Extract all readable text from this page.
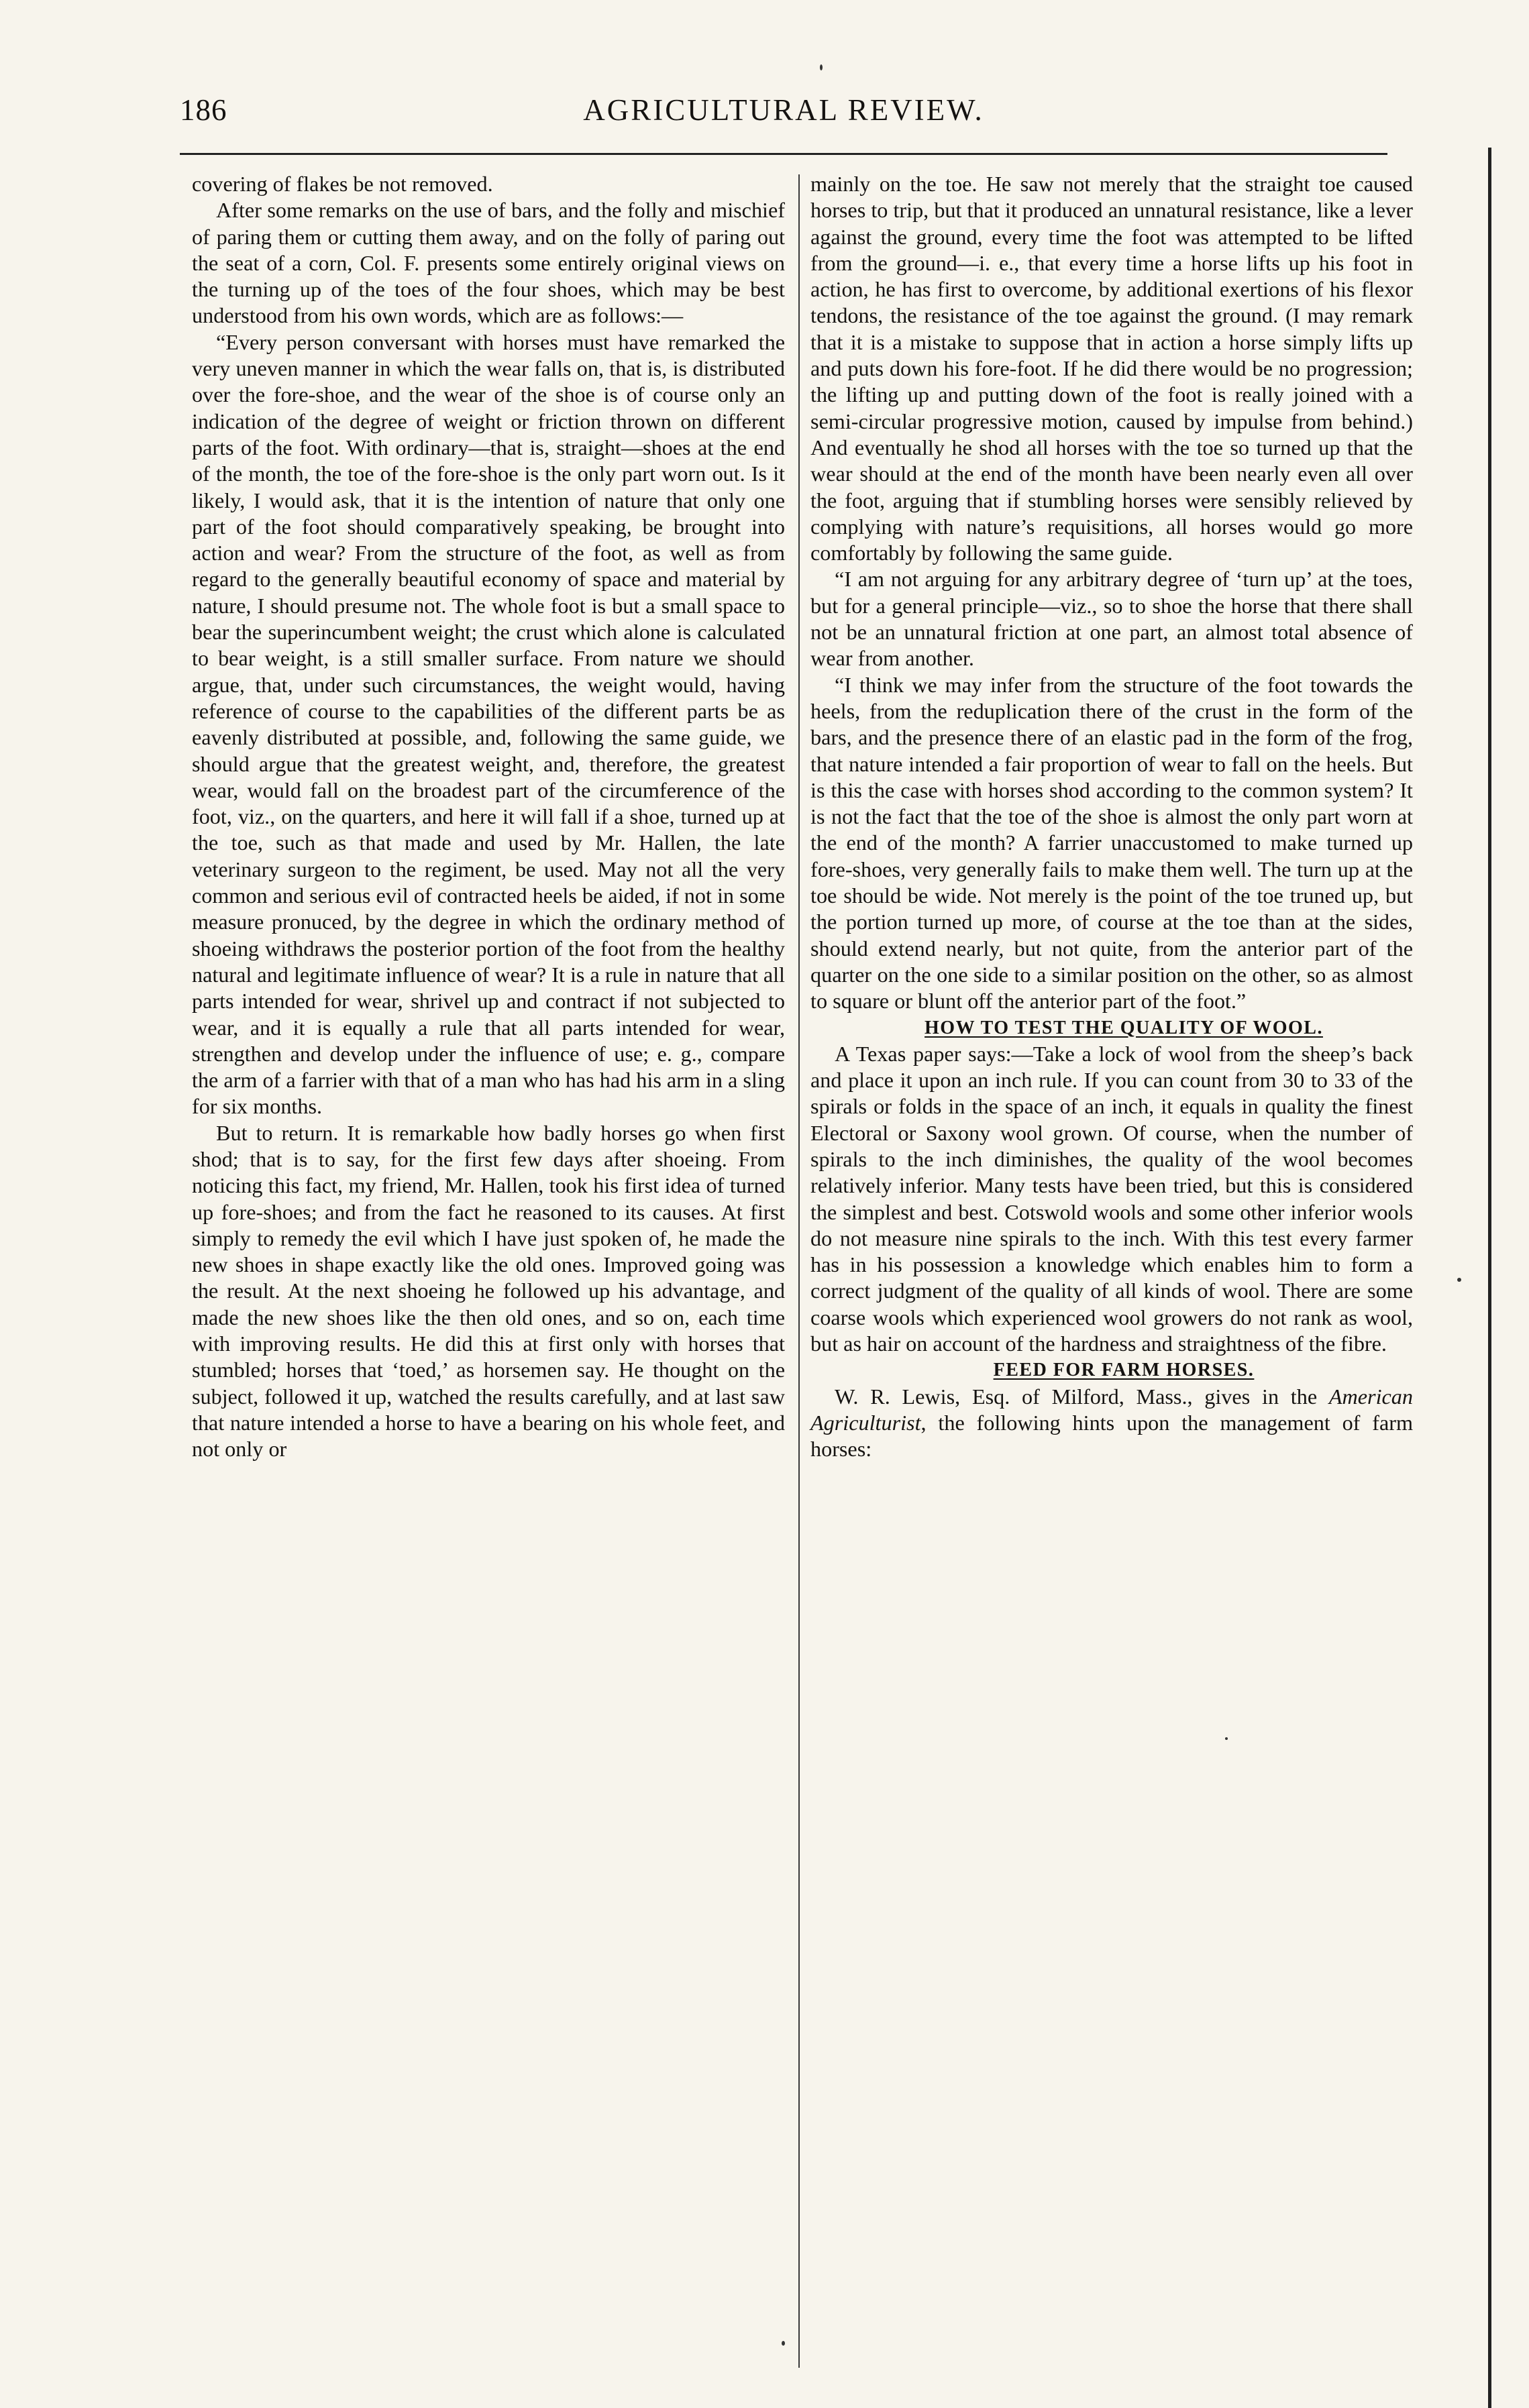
186	AGRICULTURAL REVIEW.

covering of flakes be not removed.

After some remarks on the use of bars, and the folly and mischief of paring them or cutting them away, and on the folly of paring out the seat of a corn, Col. F. presents some entirely original views on the turning up of the toes of the four shoes, which may be best understood from his own words, which are as follows:—

“Every person conversant with horses must have remarked the very uneven manner in which the wear falls on, that is, is distributed over the fore-shoe, and the wear of the shoe is of course only an indication of the degree of weight or friction thrown on different parts of the foot. With ordinary—that is, straight—shoes at the end of the month, the toe of the fore-shoe is the only part worn out. Is it likely, I would ask, that it is the intention of nature that only one part of the foot should comparatively speaking, be brought into action and wear? From the structure of the foot, as well as from regard to the generally beautiful economy of space and material by nature, I should presume not. The whole foot is but a small space to bear the superincumbent weight; the crust which alone is calculated to bear weight, is a still smaller surface. From nature we should argue, that, under such circumstances, the weight would, having reference of course to the capabilities of the different parts be as eavenly distributed at possible, and, following the same guide, we should argue that the greatest weight, and, therefore, the greatest wear, would fall on the broadest part of the circumference of the foot, viz., on the quarters, and here it will fall if a shoe, turned up at the toe, such as that made and used by Mr. Hallen, the late veterinary surgeon to the regiment, be used. May not all the very common and serious evil of contracted heels be aided, if not in some measure pronuced, by the degree in which the ordinary method of shoeing withdraws the posterior portion of the foot from the healthy natural and legitimate influence of wear? It is a rule in nature that all parts intended for wear, shrivel up and contract if not subjected to wear, and it is equally a rule that all parts intended for wear, strengthen and develop under the influence of use; e. g., compare the arm of a farrier with that of a man who has had his arm in a sling for six months.

But to return. It is remarkable how badly horses go when first shod; that is to say, for the first few days after shoeing. From noticing this fact, my friend, Mr. Hallen, took his first idea of turned up fore-shoes; and from the fact he reasoned to its causes. At first simply to remedy the evil which I have just spoken of, he made the new shoes in shape exactly like the old ones. Improved going was the result. At the next shoeing he followed up his advantage, and made the new shoes like the then old ones, and so on, each time with improving results. He did this at first only with horses that stumbled; horses that ‘toed,’ as horsemen say. He thought on the subject, followed it up, watched the results carefully, and at last saw that nature intended a horse to have a bearing on his whole feet, and not only or

mainly on the toe. He saw not merely that the straight toe caused horses to trip, but that it produced an unnatural resistance, like a lever against the ground, every time the foot was attempted to be lifted from the ground—i. e., that every time a horse lifts up his foot in action, he has first to overcome, by additional exertions of his flexor tendons, the resistance of the toe against the ground. (I may remark that it is a mistake to suppose that in action a horse simply lifts up and puts down his fore-foot. If he did there would be no progression; the lifting up and putting down of the foot is really joined with a semi-circular progressive motion, caused by impulse from behind.) And eventually he shod all horses with the toe so turned up that the wear should at the end of the month have been nearly even all over the foot, arguing that if stumbling horses were sensibly relieved by complying with nature’s requisitions, all horses would go more comfortably by following the same guide.

“I am not arguing for any arbitrary degree of ‘turn up’ at the toes, but for a general principle—viz., so to shoe the horse that there shall not be an unnatural friction at one part, an almost total absence of wear from another.

“I think we may infer from the structure of the foot towards the heels, from the reduplication there of the crust in the form of the bars, and the presence there of an elastic pad in the form of the frog, that nature intended a fair proportion of wear to fall on the heels. But is this the case with horses shod according to the common system? It is not the fact that the toe of the shoe is almost the only part worn at the end of the month? A farrier unaccustomed to make turned up fore-shoes, very generally fails to make them well. The turn up at the toe should be wide. Not merely is the point of the toe truned up, but the portion turned up more, of course at the toe than at the sides, should extend nearly, but not quite, from the anterior part of the quarter on the one side to a similar position on the other, so as almost to square or blunt off the anterior part of the foot.”

HOW TO TEST THE QUALITY OF WOOL.

A Texas paper says:—Take a lock of wool from the sheep’s back and place it upon an inch rule. If you can count from 30 to 33 of the spirals or folds in the space of an inch, it equals in quality the finest Electoral or Saxony wool grown. Of course, when the number of spirals to the inch diminishes, the quality of the wool becomes relatively inferior. Many tests have been tried, but this is considered the simplest and best. Cotswold wools and some other inferior wools do not measure nine spirals to the inch. With this test every farmer has in his possession a knowledge which enables him to form a correct judgment of the quality of all kinds of wool. There are some coarse wools which experienced wool growers do not rank as wool, but as hair on account of the hardness and straightness of the fibre.

FEED FOR FARM HORSES.

W. R. Lewis, Esq. of Milford, Mass., gives in the American Agriculturist, the following hints upon the management of farm horses:
